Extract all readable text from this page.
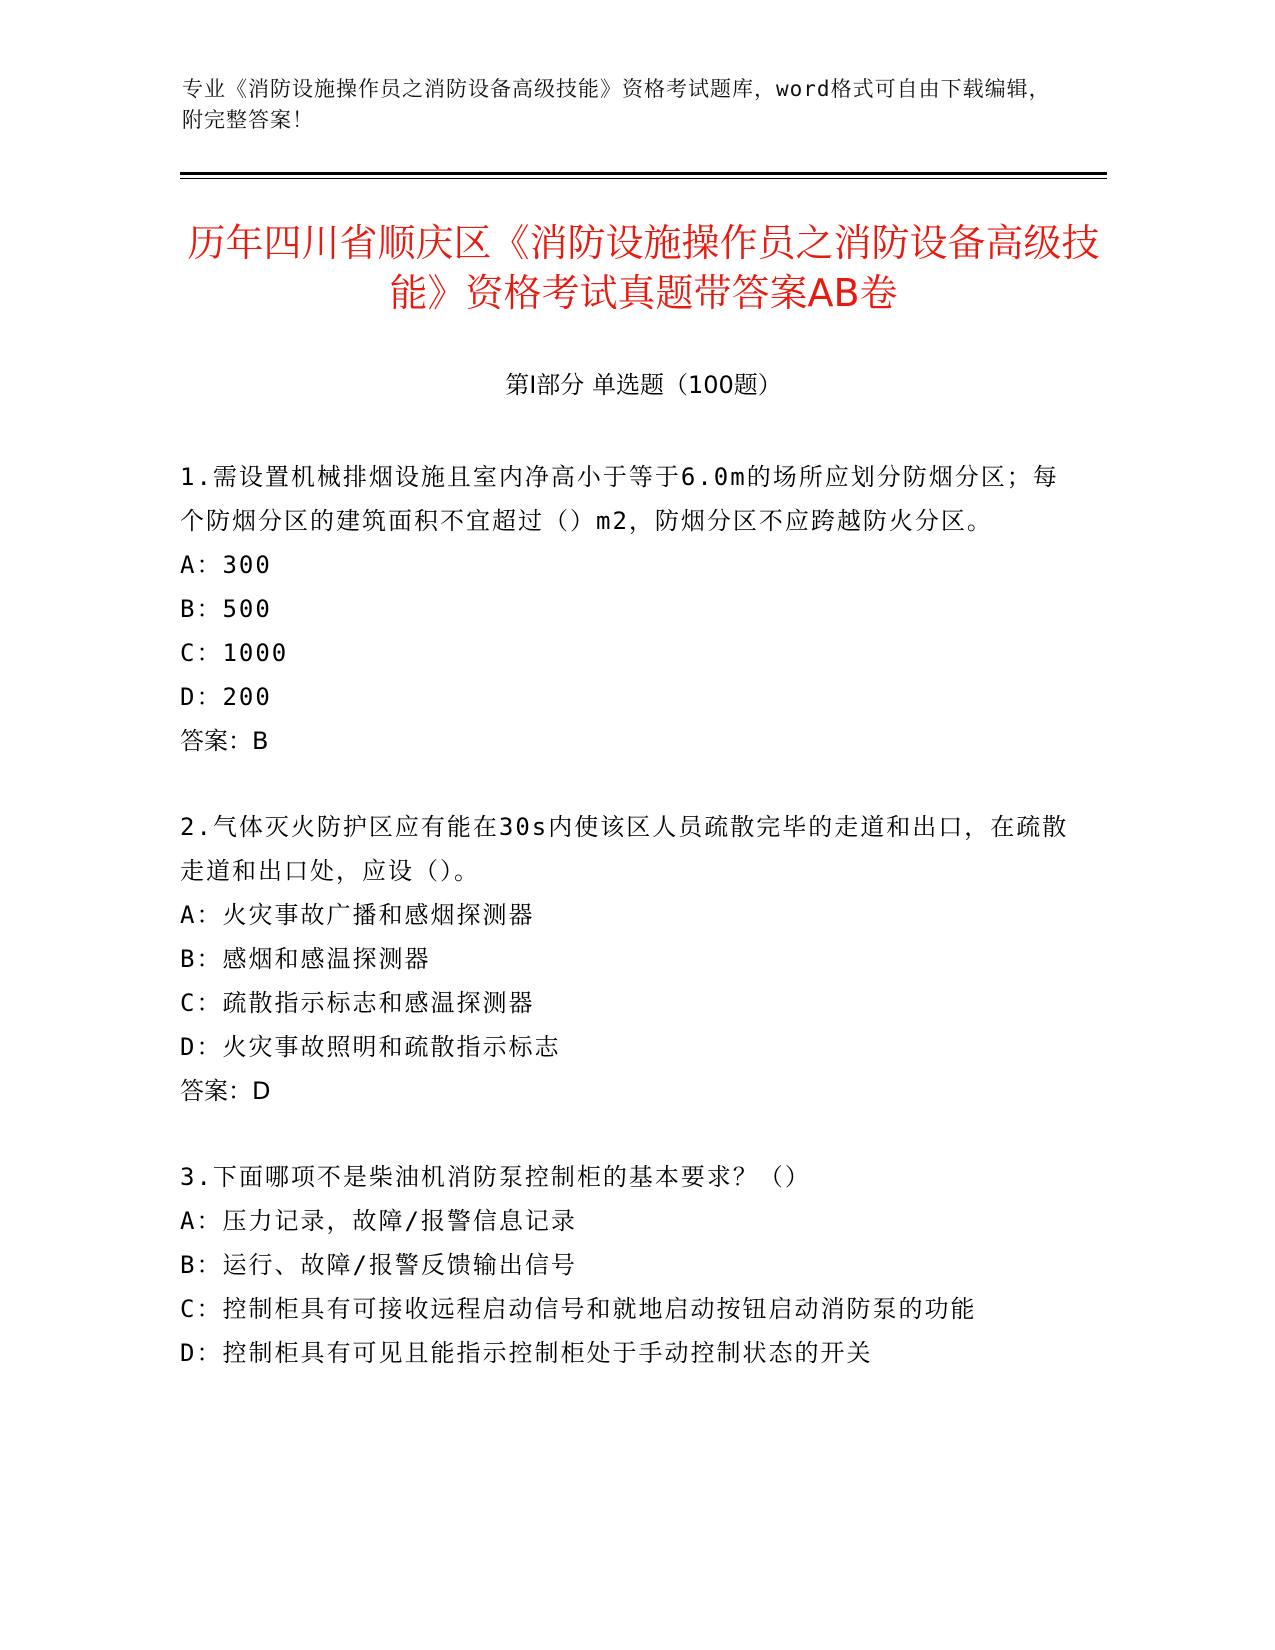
专业《消防设施操作员之消防设备高级技能》资格考试题库，word格式可自由下载编辑，附完整答案！
历年四川省顺庆区《消防设施操作员之消防设备高级技能》资格考试真题带答案AB卷
第Ⅰ部分 单选题（100题）

1.需设置机械排烟设施且室内净高小于等于6.0m的场所应划分防烟分区；每个防烟分区的建筑面积不宜超过（）m2，防烟分区不应跨越防火分区。

A：300

B：500

C：1000

D：200

答案：B

2.气体灭火防护区应有能在30s内使该区人员疏散完毕的走道和出口，在疏散走道和出口处，应设（）。

A：火灾事故广播和感烟探测器

B：感烟和感温探测器

C：疏散指示标志和感温探测器

D：火灾事故照明和疏散指示标志

答案：D

3.下面哪项不是柴油机消防泵控制柜的基本要求？（）

A：压力记录，故障/报警信息记录

B：运行、故障/报警反馈输出信号

C：控制柜具有可接收远程启动信号和就地启动按钮启动消防泵的功能

D：控制柜具有可见且能指示控制柜处于手动控制状态的开关
